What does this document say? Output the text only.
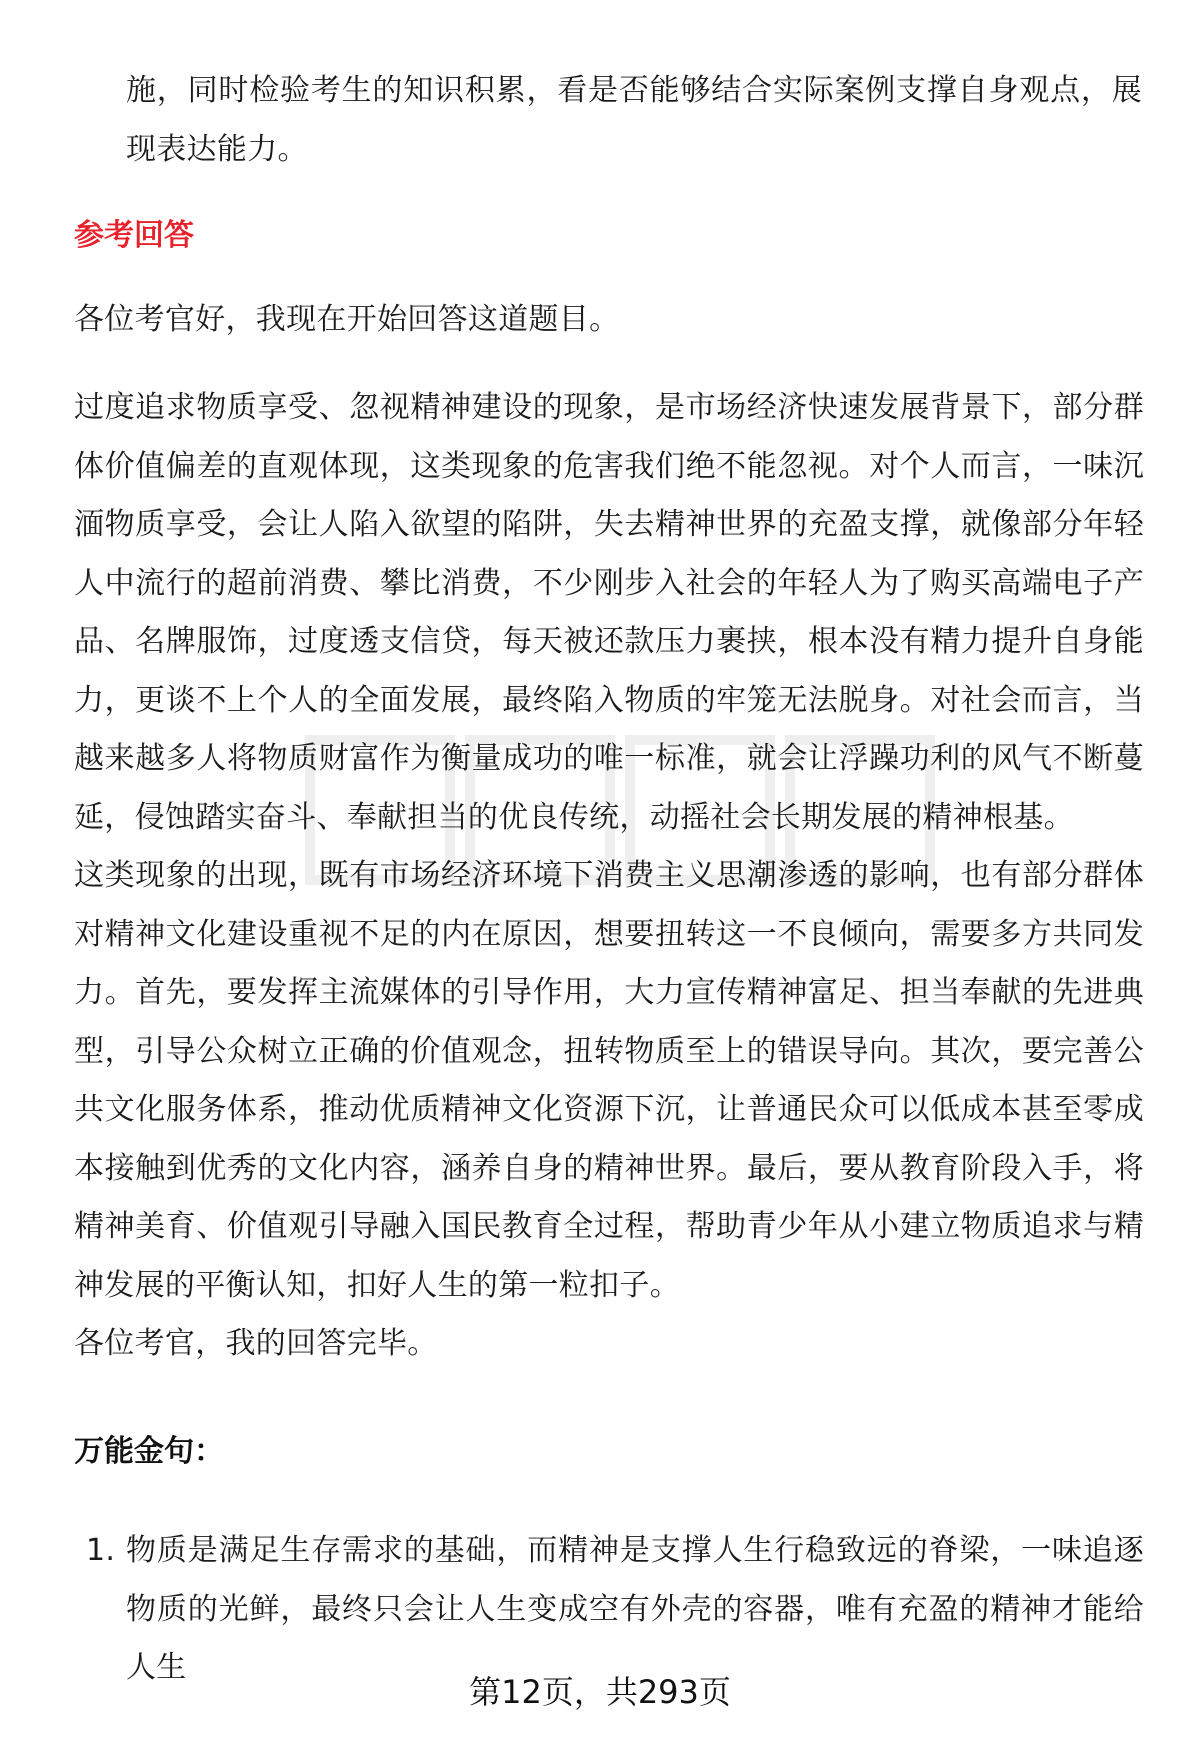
施，同时检验考生的知识积累，看是否能够结合实际案例支撑自身观点，展现表达能力。

参考回答

各位考官好，我现在开始回答这道题目。

过度追求物质享受、忽视精神建设的现象，是市场经济快速发展背景下，部分群体价值偏差的直观体现，这类现象的危害我们绝不能忽视。对个人而言，一味沉湎物质享受，会让人陷入欲望的陷阱，失去精神世界的充盈支撑，就像部分年轻人中流行的超前消费、攀比消费，不少刚步入社会的年轻人为了购买高端电子产品、名牌服饰，过度透支信贷，每天被还款压力裹挟，根本没有精力提升自身能力，更谈不上个人的全面发展，最终陷入物质的牢笼无法脱身。对社会而言，当越来越多人将物质财富作为衡量成功的唯一标准，就会让浮躁功利的风气不断蔓延，侵蚀踏实奋斗、奉献担当的优良传统，动摇社会长期发展的精神根基。

这类现象的出现，既有市场经济环境下消费主义思潮渗透的影响，也有部分群体对精神文化建设重视不足的内在原因，想要扭转这一不良倾向，需要多方共同发力。首先，要发挥主流媒体的引导作用，大力宣传精神富足、担当奉献的先进典型，引导公众树立正确的价值观念，扭转物质至上的错误导向。其次，要完善公共文化服务体系，推动优质精神文化资源下沉，让普通民众可以低成本甚至零成本接触到优秀的文化内容，涵养自身的精神世界。最后，要从教育阶段入手，将精神美育、价值观引导融入国民教育全过程，帮助青少年从小建立物质追求与精神发展的平衡认知，扣好人生的第一粒扣子。

各位考官，我的回答完毕。

万能金句：
1. 物质是满足生存需求的基础，而精神是支撑人生行稳致远的脊梁，一味追逐物质的光鲜，最终只会让人生变成空有外壳的容器，唯有充盈的精神才能给人生
第12页，共293页
